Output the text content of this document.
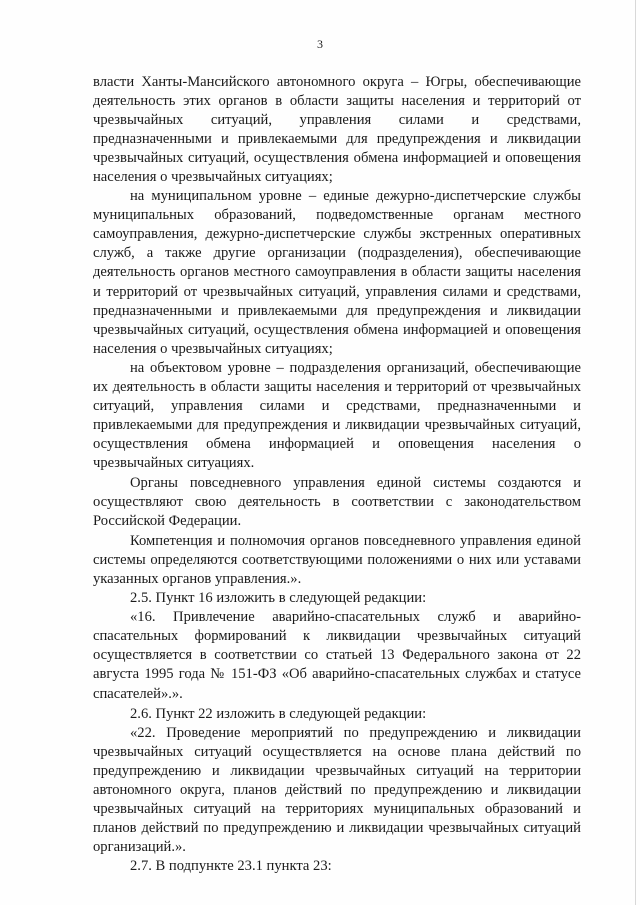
3

власти Ханты-Мансийского автономного округа – Югры, обеспечивающие деятельность этих органов в области защиты населения и территорий от чрезвычайных ситуаций, управления силами и средствами, предназначенными и привлекаемыми для предупреждения и ликвидации чрезвычайных ситуаций, осуществления обмена информацией и оповещения населения о чрезвычайных ситуациях;

на муниципальном уровне – единые дежурно-диспетчерские службы муниципальных образований, подведомственные органам местного самоуправления, дежурно-диспетчерские службы экстренных оперативных служб, а также другие организации (подразделения), обеспечивающие деятельность органов местного самоуправления в области защиты населения и территорий от чрезвычайных ситуаций, управления силами и средствами, предназначенными и привлекаемыми для предупреждения и ликвидации чрезвычайных ситуаций, осуществления обмена информацией и оповещения населения о чрезвычайных ситуациях;

на объектовом уровне – подразделения организаций, обеспечивающие их деятельность в области защиты населения и территорий от чрезвычайных ситуаций, управления силами и средствами, предназначенными и привлекаемыми для предупреждения и ликвидации чрезвычайных ситуаций, осуществления обмена информацией и оповещения населения о чрезвычайных ситуациях.

Органы повседневного управления единой системы создаются и осуществляют свою деятельность в соответствии с законодательством Российской Федерации.

Компетенция и полномочия органов повседневного управления единой системы определяются соответствующими положениями о них или уставами указанных органов управления.».

2.5. Пункт 16 изложить в следующей редакции:

«16. Привлечение аварийно-спасательных служб и аварийно-спасательных формирований к ликвидации чрезвычайных ситуаций осуществляется в соответствии со статьей 13 Федерального закона от 22 августа 1995 года № 151-ФЗ «Об аварийно-спасательных службах и статусе спасателей».».

2.6. Пункт 22 изложить в следующей редакции:

«22. Проведение мероприятий по предупреждению и ликвидации чрезвычайных ситуаций осуществляется на основе плана действий по предупреждению и ликвидации чрезвычайных ситуаций на территории автономного округа, планов действий по предупреждению и ликвидации чрезвычайных ситуаций на территориях муниципальных образований и планов действий по предупреждению и ликвидации чрезвычайных ситуаций организаций.».

2.7. В подпункте 23.1 пункта 23:
